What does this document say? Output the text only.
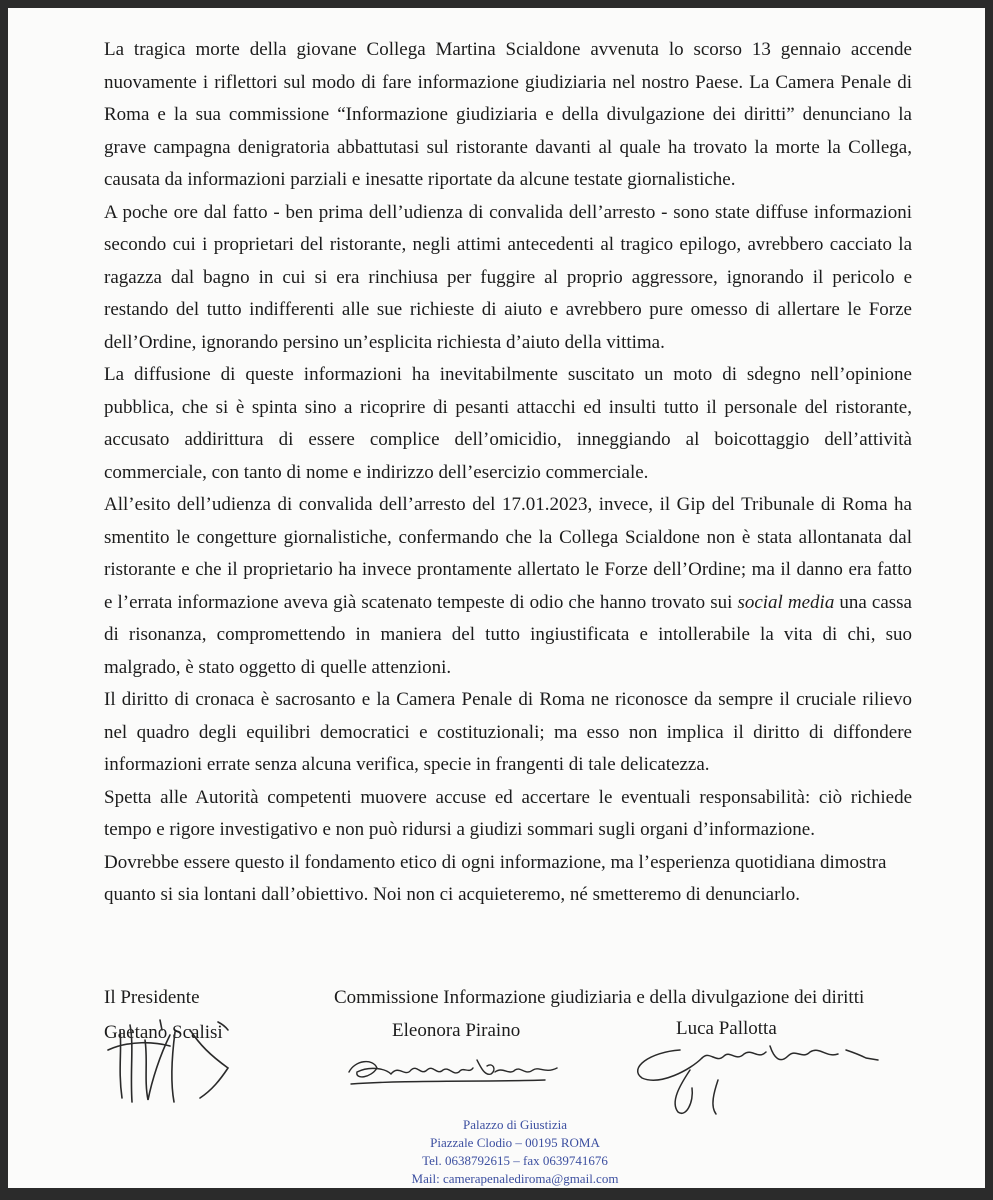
La tragica morte della giovane Collega Martina Scialdone avvenuta lo scorso 13 gennaio accende nuovamente i riflettori sul modo di fare informazione giudiziaria nel nostro Paese. La Camera Penale di Roma e la sua commissione “Informazione giudiziaria e della divulgazione dei diritti” denunciano la grave campagna denigratoria abbattutasi sul ristorante davanti al quale ha trovato la morte la Collega, causata da informazioni parziali e inesatte riportate da alcune testate giornalistiche.

A poche ore dal fatto - ben prima dell’udienza di convalida dell’arresto - sono state diffuse informazioni secondo cui i proprietari del ristorante, negli attimi antecedenti al tragico epilogo, avrebbero cacciato la ragazza dal bagno in cui si era rinchiusa per fuggire al proprio aggressore, ignorando il pericolo e restando del tutto indifferenti alle sue richieste di aiuto e avrebbero pure omesso di allertare le Forze dell’Ordine, ignorando persino un’esplicita richiesta d’aiuto della vittima.

La diffusione di queste informazioni ha inevitabilmente suscitato un moto di sdegno nell’opinione pubblica, che si è spinta sino a ricoprire di pesanti attacchi ed insulti tutto il personale del ristorante, accusato addirittura di essere complice dell’omicidio, inneggiando al boicottaggio dell’attività commerciale, con tanto di nome e indirizzo dell’esercizio commerciale.

All’esito dell’udienza di convalida dell’arresto del 17.01.2023, invece, il Gip del Tribunale di Roma ha smentito le congetture giornalistiche, confermando che la Collega Scialdone non è stata allontanata dal ristorante e che il proprietario ha invece prontamente allertato le Forze dell’Ordine; ma il danno era fatto e l’errata informazione aveva già scatenato tempeste di odio che hanno trovato sui social media una cassa di risonanza, compromettendo in maniera del tutto ingiustificata e intollerabile la vita di chi, suo malgrado, è stato oggetto di quelle attenzioni.

Il diritto di cronaca è sacrosanto e la Camera Penale di Roma ne riconosce da sempre il cruciale rilievo nel quadro degli equilibri democratici e costituzionali; ma esso non implica il diritto di diffondere informazioni errate senza alcuna verifica, specie in frangenti di tale delicatezza.

Spetta alle Autorità competenti muovere accuse ed accertare le eventuali responsabilità: ciò richiede tempo e rigore investigativo e non può ridursi a giudizi sommari sugli organi d’informazione.

Dovrebbe essere questo il fondamento etico di ogni informazione, ma l’esperienza quotidiana dimostra quanto si sia lontani dall’obiettivo. Noi non ci acquieteremo, né smetteremo di denunciarlo.

Il Presidente	Commissione Informazione giudiziaria e della divulgazione dei diritti
Gaetano Scalisi	Eleonora Piraino	Luca Pallotta
Palazzo di Giustizia
Piazzale Clodio – 00195 ROMA
Tel. 0638792615 – fax 0639741676
Mail: camerapenalediroma@gmail.com
